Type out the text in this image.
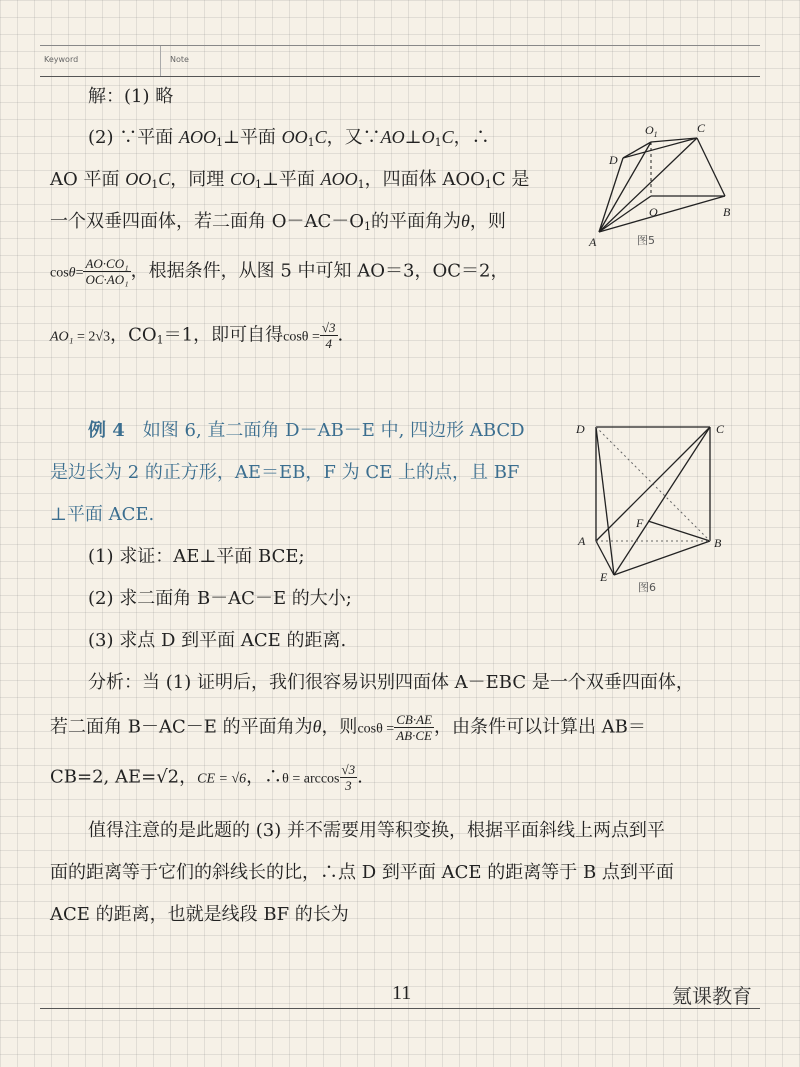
Keyword	Note
解：(1) 略
(2) ∵平面 $AOO_1\perp$平面 $OO_1C$，又$\because AO\perp O_1C$，∴
AO 平面 $OO_1C$，同理 $CO_1\perp$平面 $AOO_1$，四面体 $AOO_1C$ 是
一个双垂四面体，若二面角 $O-AC-O_1$的平面角为θ，则
$\cos\theta= \frac{\text{AO·CO₁}}{\text{OC·AO₁}}$ ，根据条件，从图 5 中可知 AO＝3，OC＝2，
AO₁ = 2√3，$CO_1=1$，即可自得$\cos\theta = \frac{√3}{4}$ .
$O_1$	C
D
O	B
A	图5
例 4　 如图 6, 直二面角 D－AB－E 中, 四边形 ABCD
是边长为 2 的正方形，AE＝EB，F 为 CE 上的点，且 BF
⊥平面 ACE.
(1) 求证：AE⊥平面 BCE;
(2) 求二面角 B－AC－E 的大小;
(3) 求点 D 到平面 ACE 的距离.
D	C
F
A	B
E
图6
分析：当 (1) 证明后，我们很容易识别四面体 A－EBC 是一个双垂四面体，
若二面角 B－AC－E 的平面角为θ，则$\cos\theta = \frac{CB\cdot AE}{AB\cdot CE}$ ，由条件可以计算出 AB＝
CB=2, AE=√2，CE = √6，∴θ = $\arccos \frac{√3}{3}$ .
值得注意的是此题的 (3) 并不需要用等积变换，根据平面斜线上两点到平
面的距离等于它们的斜线长的比，∴点 D 到平面 ACE 的距离等于 B 点到平面
ACE 的距离，也就是线段 BF 的长为
11	氪课教育
